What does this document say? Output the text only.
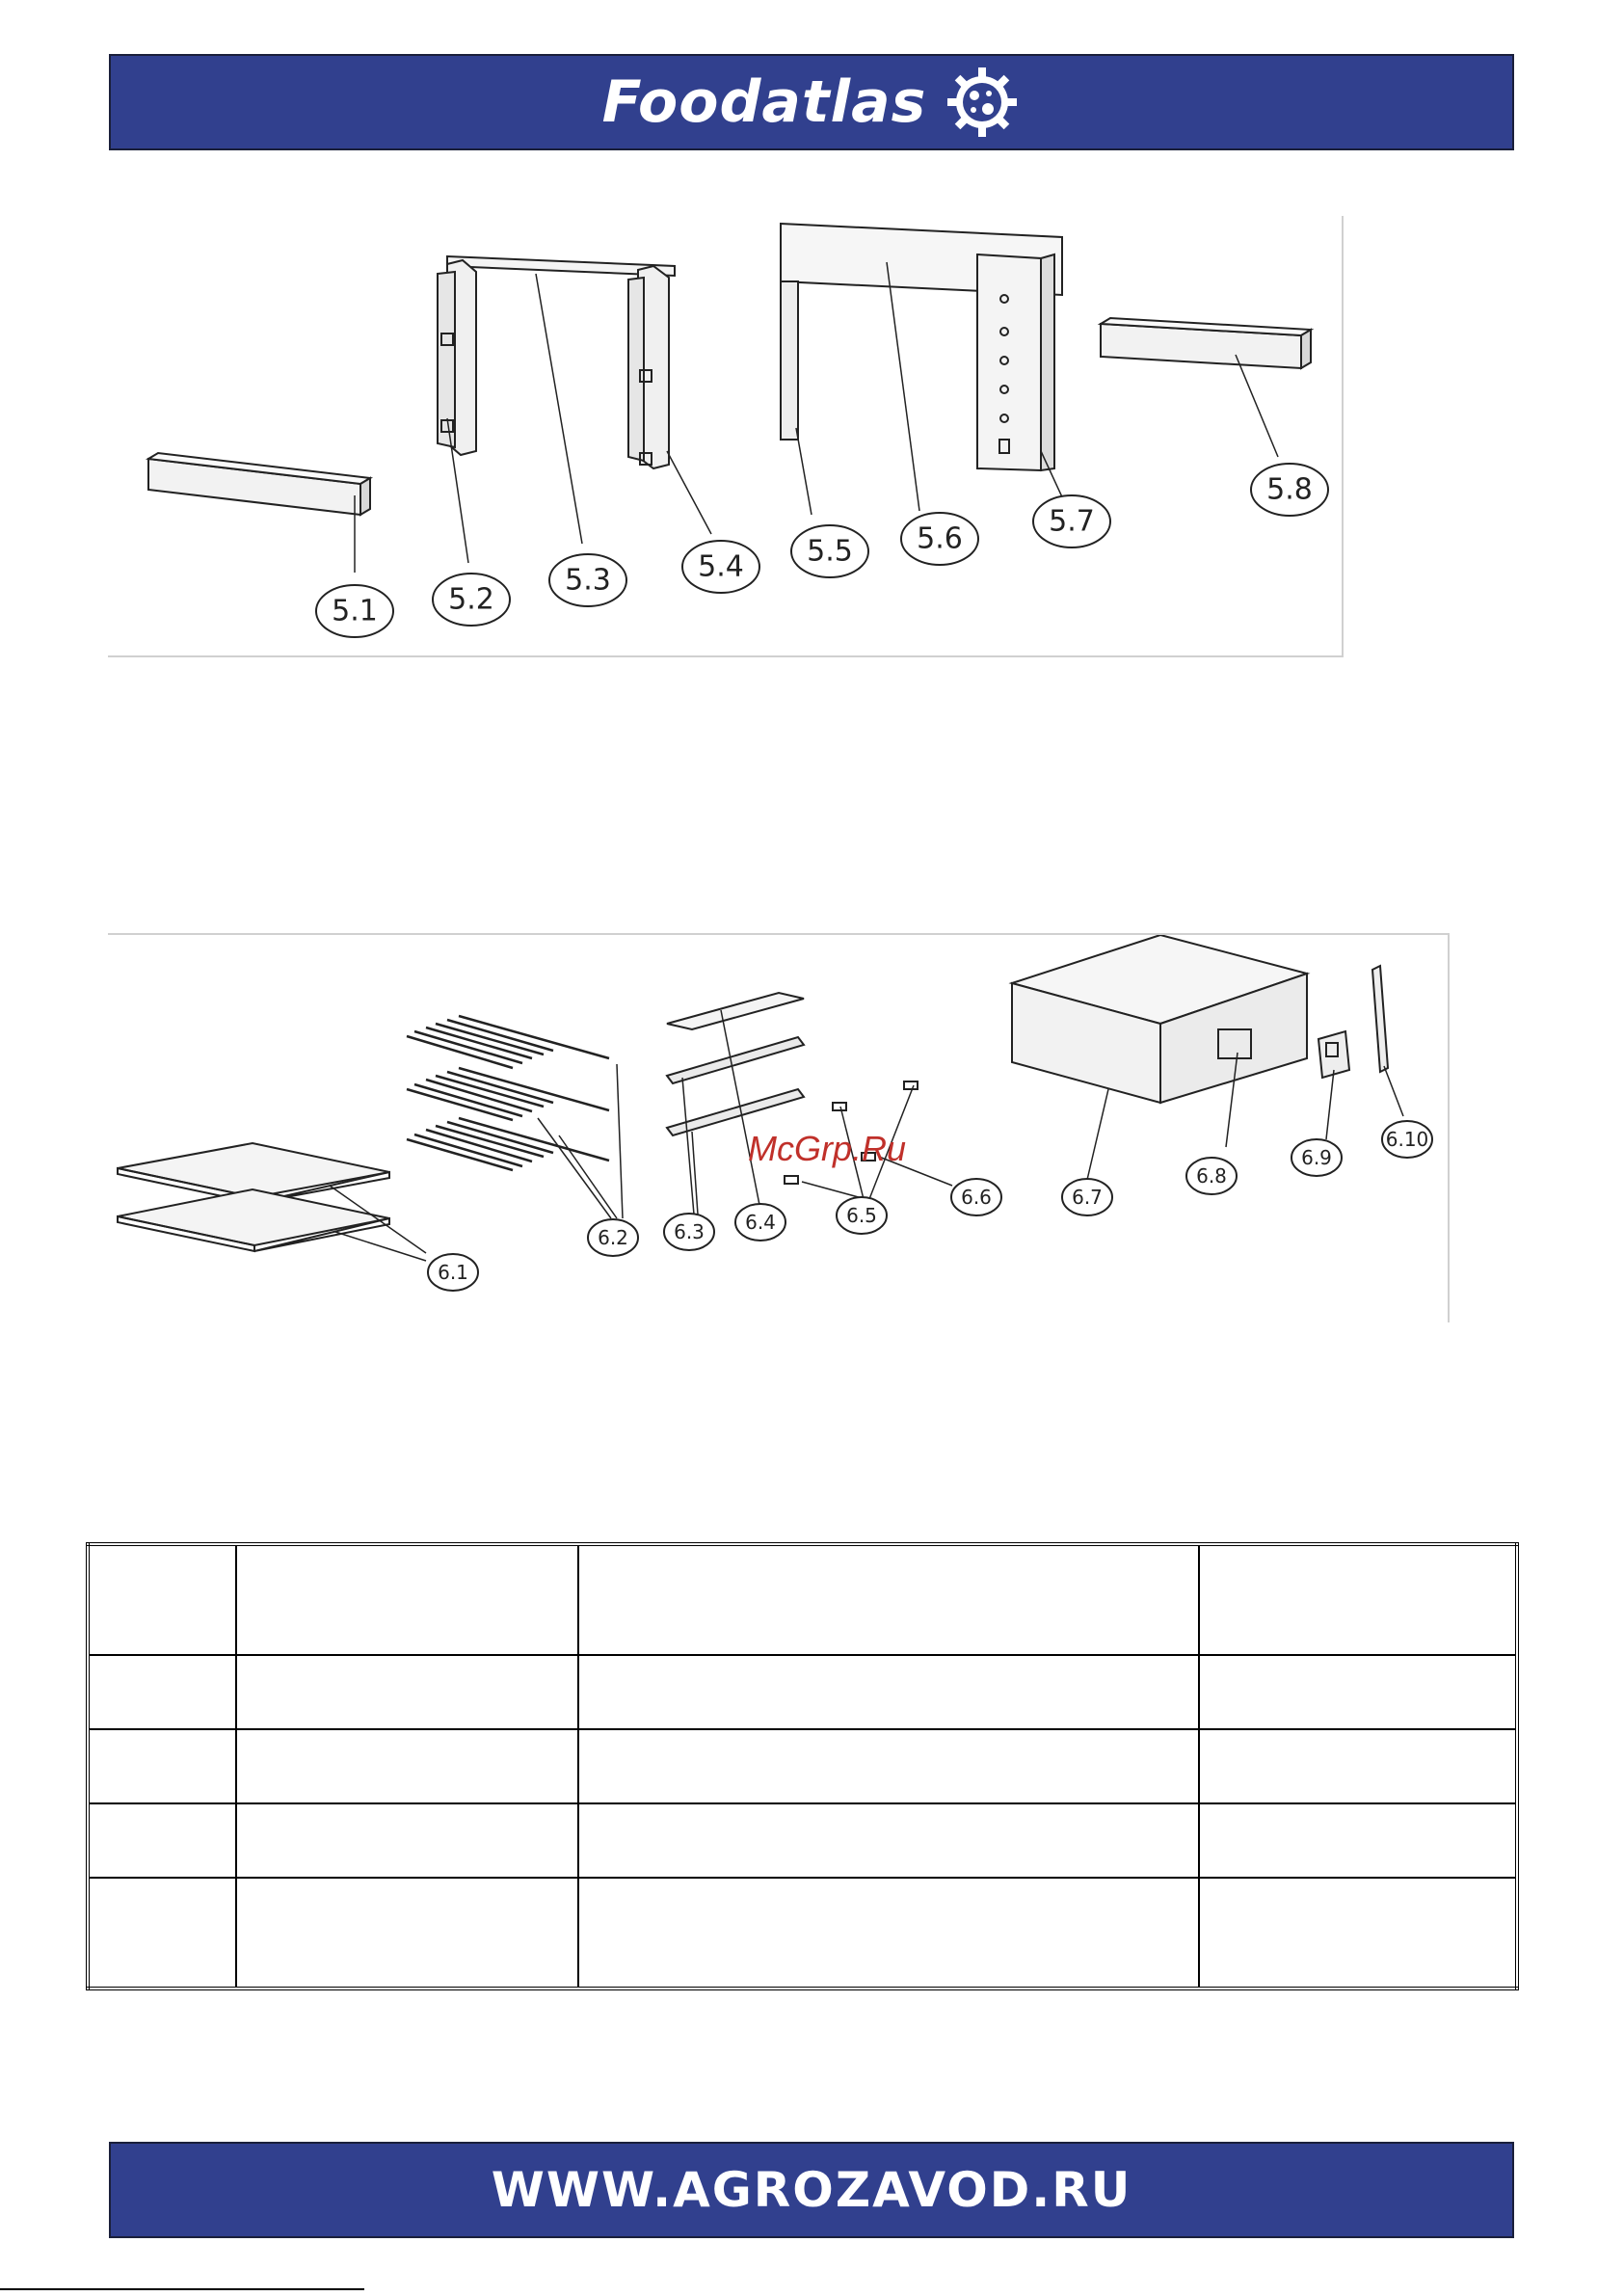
Foodatlas
5.1 5.2
5.3	5.4 5.5 5.6
5.7
5.8
6.1
6.2 6.3 6.4	6.5
6.6	6.7
6.8
6.9
6.10
McGrp.Ru

WWW.AGROZAVOD.RU
